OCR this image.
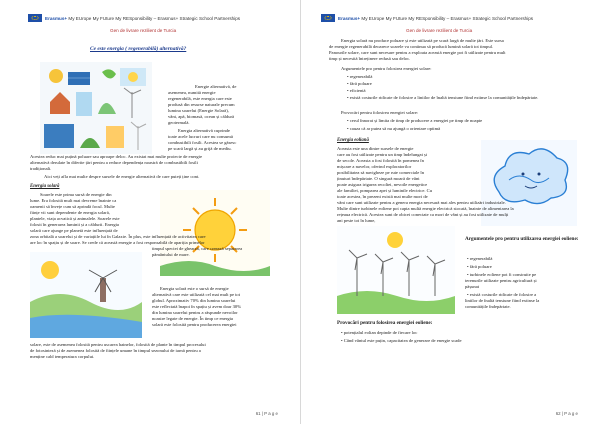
Erasmus+
My EUrope My FUture My RESponsibility – Erasmus+ Strategic School Partnerships
Gen de livrare rezilient de Turcia
Ce este energia ( regenerabilă) alternativă?
Energie alternativă, de
asemenea, numită energie
regenerabilă, este energia care este
produsă din resurse naturale precum
lumina soarelui (Energie Solară),
vânt, apă, biomasă, ocean și căldură
geotermală.
Energia alternativă cuprinde
toate acele lucruri care nu consumă
combustibili fosili. Acestea se găsesc
pe scară largă și au grijă de mediu.
Acestea reduc mai puțină poluare sau aproape deloc. Au existat mai multe proiecte de energie
alternativă derulate în diferite țări pentru a reduce dependența noastră de combustibili fosili
tradiționali.
Aici veți afla mai multe despre sursele de energie alternativă de care puteți ține cont.
Energia solară
Soarele este prima sursă de energie din
lume. Era folosită mult mai devreme înainte ca
oamenii să învețe cum să aprindă focul. Multe
ființe vii sunt dependente de energia solară,
plantele, viața acvatică și animalele. Soarele este
folosit în generarea luminii și a căldurii. Energia
solară care ajunge pe planetă este influențată de
zona orbitală a soarelui și de variațiile lui în Galaxie. În plus, este influențată de activitatea care
are loc în spațiu și de soare. Se crede că această energie a fost responsabilă de apariția primelor
timpul speciei de ghearză, care creează separarea
pământului de mare.
Energia solară este o sursă de energie
alternativă care este utilizată cel mai mult pe tot
globul. Aproximativ 70% din lumina soarelui
este reflectată înapoi în spațiu și avem doar 30%
din lumina soarelui pentru a răspunde nevoilor
noastre legate de energie. În timp ce energia
solară este folosită pentru producerea energiei
solare, este de asemenea folosită pentru uscarea hainelor, folosită de plante în timpul procesului
de fotosinteză și de asemenea folosită de ființele umane în timpul sezonului de iarnă pentru a
menține cald temperatura corpului.
61 | P a g e
Erasmus+
My EUrope My FUture My RESponsibility – Erasmus+ Strategic School Partnerships
Gen de livrare rezilient de Turcia
Energia solară nu produce poluare și este utilizată pe scară largă de multe țări. Este sursa
de energie regenerabilă deoarece soarele va continua să producă lumină solară tot timpul.
Panourile solare, care sunt necesare pentru a exploata această energie pot fi utilizate pentru mult
timp și necesită întreținere redusă sau deloc.
Argumentele pro pentru folosirea energiei solare:
• regenerabilă
• fără poluare
• eficientă
• există costurile ridicate de folosire a liniilor de înaltă tensiune fiind extinse la comunitățile îndepărtate.
Provocări pentru folosirea energiei solare:
• cerul înnorat și limita de timp de producere a energiei pe timp de noapte
• cauza că ar putea să nu ajungă o orientare optimă
Energia eoliană
Aceasta este una dintre sursele de energie
care au fost utilizate pentru un timp îndelungat și
de secole. Aceasta a fost folosită în pomenea în
mișcare a navelor, oferind exploratorilor
posibilitatea să navigheze pe rute comerciale în
ținuturi îndepărtate. O singură moară de vânt
poate asigura irigarea recoltei, nevoile energetice
ale familiei, pomparea apei și luminile electrice. Cu
toate acestea, în prezent există mai multe mori de
vânt care sunt utilizate pentru a genera energia necesară mai ales pentru utilizări industriale.
Multe dintre turbinele eoliene pot capta multă energie electrică stocată, înainte de alimentarea la
rețeaua electrică. Acestea sunt de obicei conectate ca mori de vânt și au fost utilizate de mulți
ani peste tot în lume,
Argumentele pro pentru utilizarea energiei eoliene:
• regenerabilă
• fără poluare
• turbinele eoliene pot fi construite pe
terenurile utilizate pentru agricultură și
pășunat
• există costurile ridicate de folosire a
liniilor de înaltă tensiune fiind extinse la
comunitățile îndepărtate.
Provocări pentru folosirea energiei eoliene:
• potențialul eolian depinde de fiecare loc
• Când vântul este puțin, capacitatea de generare de energie scade
62 | P a g e
